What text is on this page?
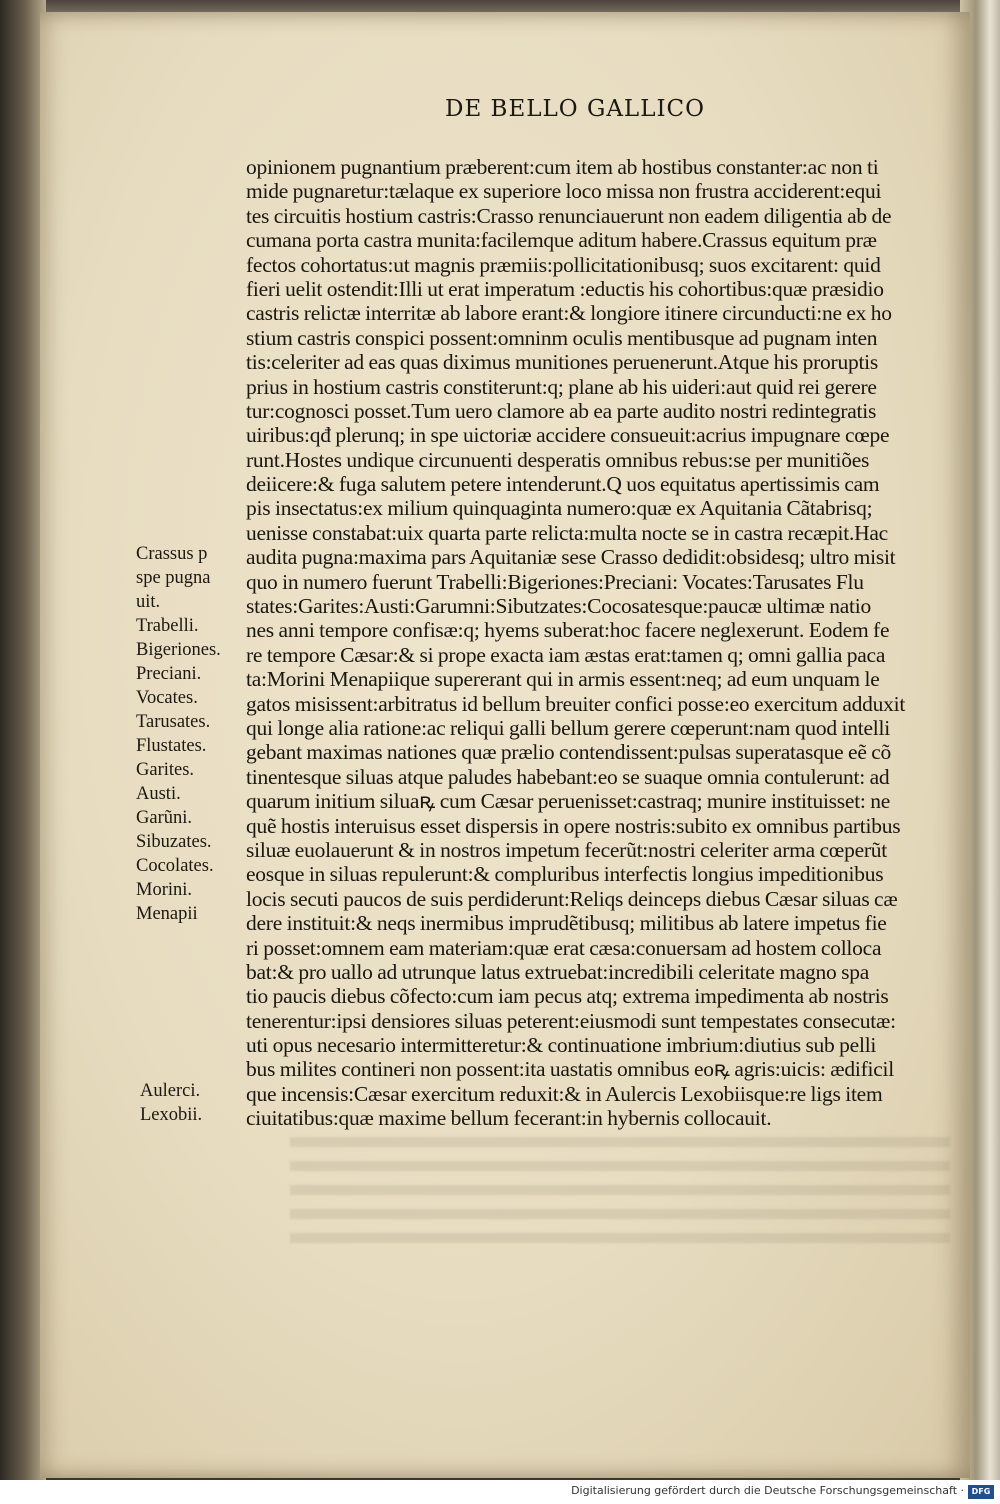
DE BELLO GALLICO
opinionem pugnantium præberent:cum item ab hostibus constanter:ac non ti
mide pugnaretur:tælaque ex superiore loco missa non frustra acciderent:equi
tes circuitis hostium castris:Crasso renunciauerunt non eadem diligentia ab de
cumana porta castra munita:facilemque aditum habere.Crassus equitum præ
fectos cohortatus:ut magnis præmiis:pollicitationibusq; suos excitarent: quid
fieri uelit ostendit:Illi ut erat imperatum :eductis his cohortibus:quæ præsidio
castris relictæ interritæ ab labore erant:& longiore itinere circunducti:ne ex ho
stium castris conspici possent:omninm oculis mentibusque ad pugnam inten
tis:celeriter ad eas quas diximus munitiones peruenerunt.Atque his proruptis
prius in hostium castris constiterunt:q; plane ab his uideri:aut quid rei gerere
tur:cognosci posset.Tum uero clamore ab ea parte audito nostri redintegratis
uiribus:qđ plerunq; in spe uictoriæ accidere consueuit:acrius impugnare cœpe
runt.Hostes undique circunuenti desperatis omnibus rebus:se per munitiões
deiicere:& fuga salutem petere intenderunt.Q uos equitatus apertissimis cam
pis insectatus:ex milium quinquaginta numero:quæ ex Aquitania Cãtabrisq;
uenisse constabat:uix quarta parte relicta:multa nocte se in castra recæpit.Hac
audita pugna:maxima pars Aquitaniæ sese Crasso dedidit:obsidesq; ultro misit
quo in numero fuerunt Trabelli:Bigeriones:Preciani: Vocates:Tarusates Flu
states:Garites:Austi:Garumni:Sibutzates:Cocosatesque:paucæ ultimæ natio
nes anni tempore confisæ:q; hyems suberat:hoc facere neglexerunt. Eodem fe
re tempore Cæsar:& si prope exacta iam æstas erat:tamen q; omni gallia paca
ta:Morini Menapiique supererant qui in armis essent:neq; ad eum unquam le
gatos misissent:arbitratus id bellum breuiter confici posse:eo exercitum adduxit
qui longe alia ratione:ac reliqui galli bellum gerere cœperunt:nam quod intelli
gebant maximas nationes quæ prælio contendissent:pulsas superatasque eẽ cõ
tinentesque siluas atque paludes habebant:eo se suaque omnia contulerunt: ad
quarum initium siluaꝶ cum Cæsar peruenisset:castraq; munire instituisset: ne
quẽ hostis interuisus esset dispersis in opere nostris:subito ex omnibus partibus
siluæ euolauerunt & in nostros impetum fecerũt:nostri celeriter arma cœperũt
eosque in siluas repulerunt:& compluribus interfectis longius impeditionibus
locis secuti paucos de suis perdiderunt:Reliqs deinceps diebus Cæsar siluas cæ
dere instituit:& neqs inermibus imprudẽtibusq; militibus ab latere impetus fie
ri posset:omnem eam materiam:quæ erat cæsa:conuersam ad hostem colloca
bat:& pro uallo ad utrunque latus extruebat:incredibili celeritate magno spa
tio paucis diebus cõfecto:cum iam pecus atq; extrema impedimenta ab nostris
tenerentur:ipsi densiores siluas peterent:eiusmodi sunt tempestates consecutæ:
uti opus necesario intermitteretur:& continuatione imbrium:diutius sub pelli
bus milites contineri non possent:ita uastatis omnibus eoꝶ agris:uicis: ædificil
que incensis:Cæsar exercitum reduxit:& in Aulercis Lexobiisque:re ligs item
ciuitatibus:quæ maxime bellum fecerant:in hybernis collocauit.
Crassus p
spe pugna
uit.
Trabelli.
Bigeriones.
Preciani.
Vocates.
Tarusates.
Flustates.
Garites.
Austi.
Garũni.
Sibuzates.
Cocolates.
Morini.
Menapii
Aulerci.
Lexobii.
Digitalisierung gefördert durch die Deutsche Forschungsgemeinschaft · DFG
